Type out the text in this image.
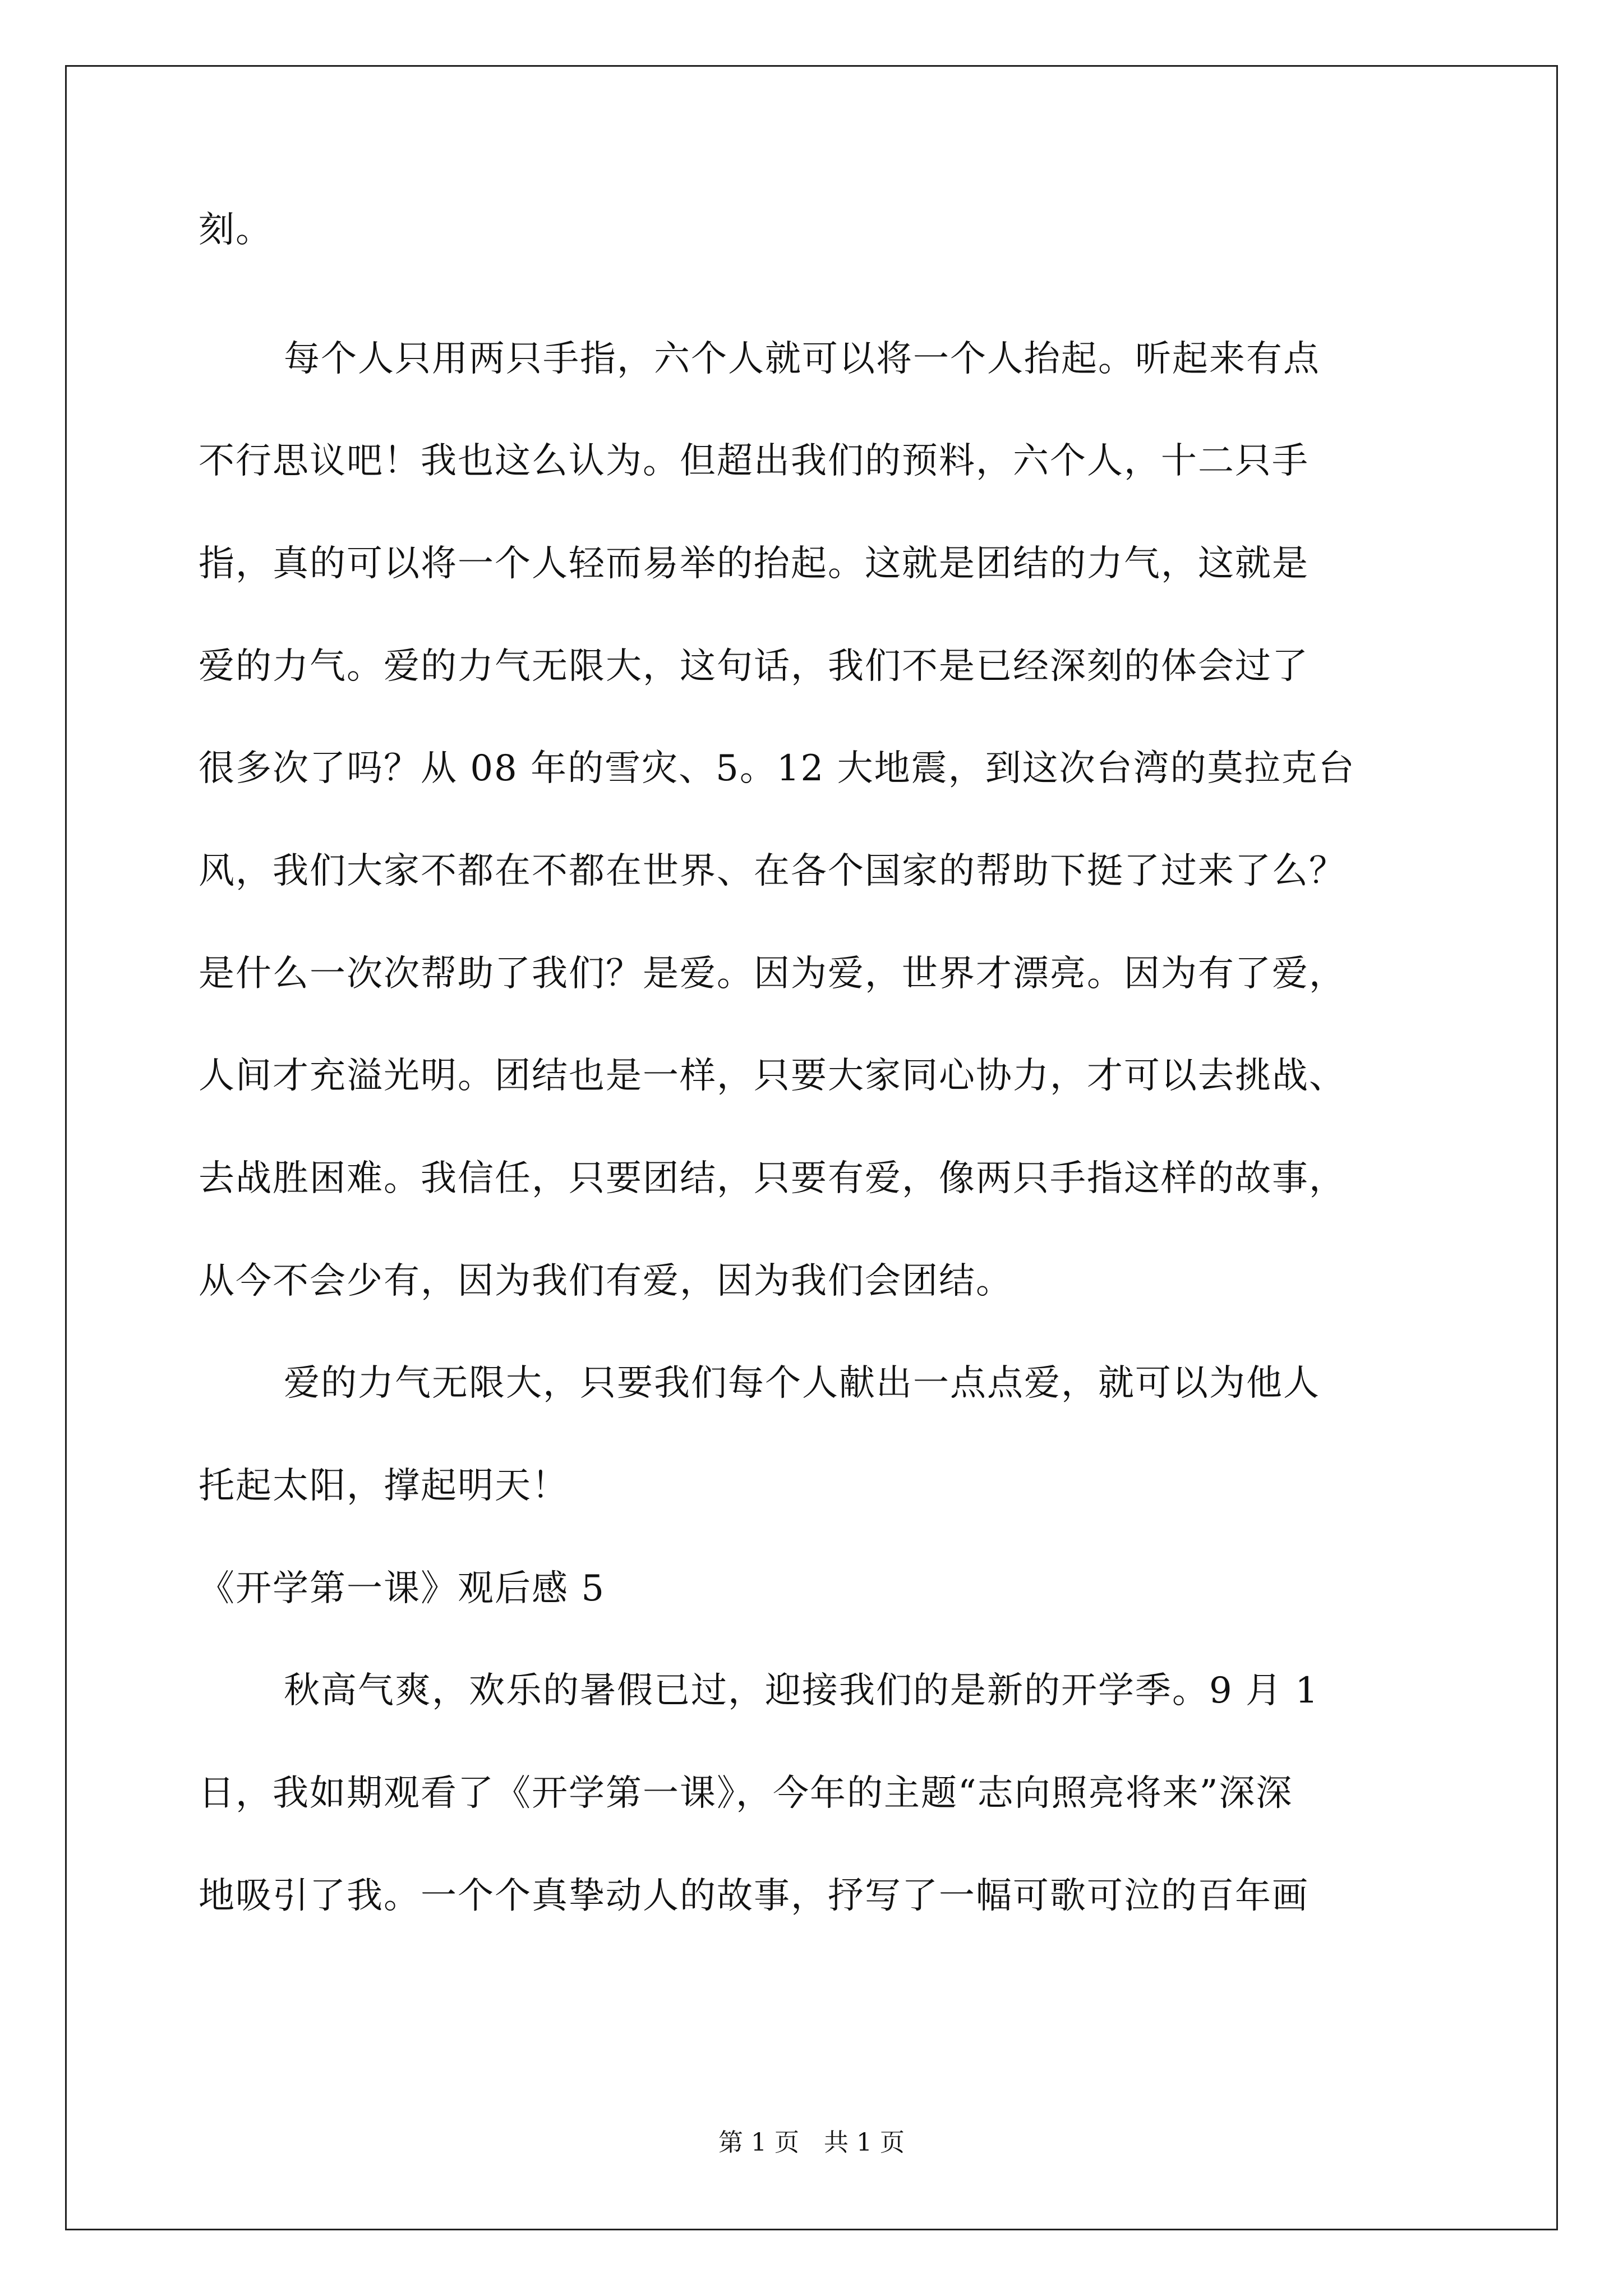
刻。
每个人只用两只手指，六个人就可以将一个人抬起。听起来有点
不行思议吧！我也这么认为。但超出我们的预料，六个人，十二只手
指，真的可以将一个人轻而易举的抬起。这就是团结的力气，这就是
爱的力气。爱的力气无限大，这句话，我们不是已经深刻的体会过了
很多次了吗？从 08 年的雪灾、5。12 大地震，到这次台湾的莫拉克台
风，我们大家不都在不都在世界、在各个国家的帮助下挺了过来了么？
是什么一次次帮助了我们？是爱。因为爱，世界才漂亮。因为有了爱，
人间才充溢光明。团结也是一样，只要大家同心协力，才可以去挑战、
去战胜困难。我信任，只要团结，只要有爱，像两只手指这样的故事，
从今不会少有，因为我们有爱，因为我们会团结。
爱的力气无限大，只要我们每个人献出一点点爱，就可以为他人
托起太阳，撑起明天！
《开学第一课》观后感 5
秋高气爽，欢乐的暑假已过，迎接我们的是新的开学季。9 月 1
日，我如期观看了《开学第一课》，今年的主题“志向照亮将来”深深
地吸引了我。一个个真挚动人的故事，抒写了一幅可歌可泣的百年画
第 1 页　共 1 页
